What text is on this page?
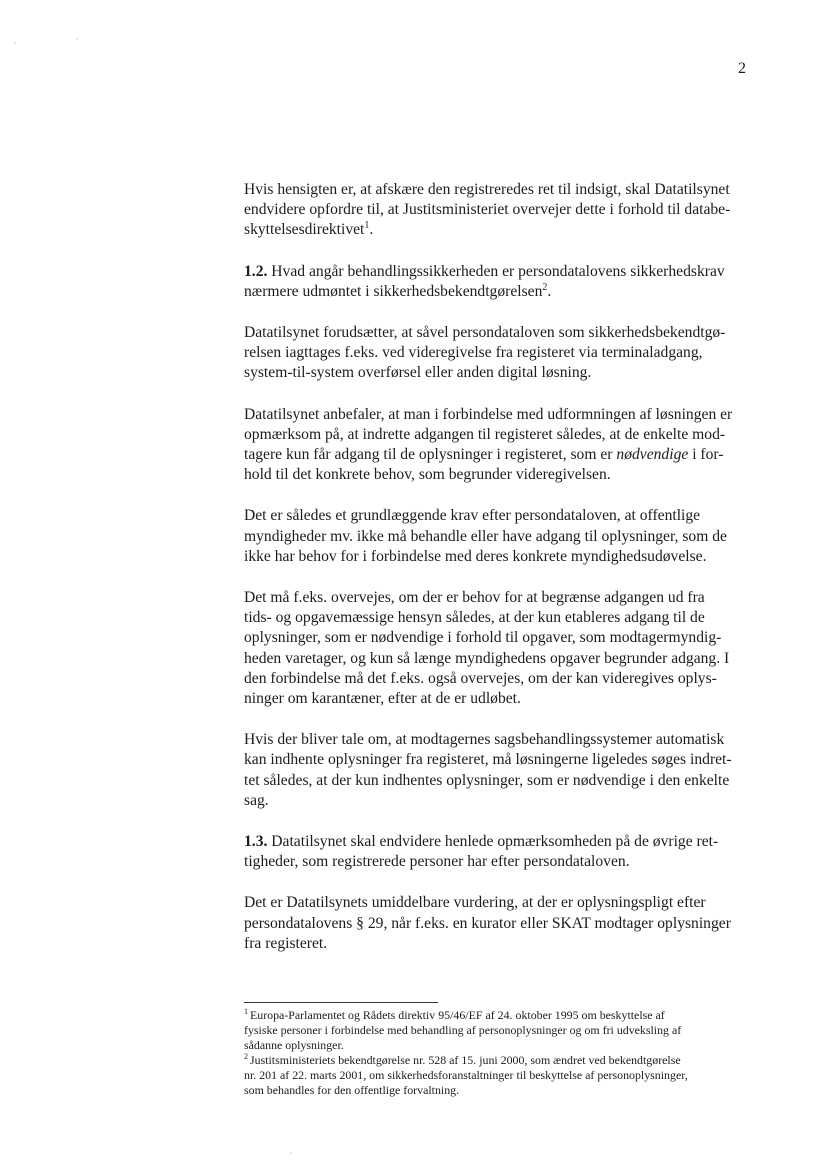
2

Hvis hensigten er, at afskære den registreredes ret til indsigt, skal Datatilsynet
endvidere opfordre til, at Justitsministeriet overvejer dette i forhold til databe-
skyttelsesdirektivet$^1$.

1.2. Hvad angår behandlingssikkerheden er persondatalovens sikkerhedskrav
nærmere udmøntet i sikkerhedsbekendtgørelsen$^2$.

Datatilsynet forudsætter, at såvel persondataloven som sikkerhedsbekendtgø-
relsen iagttages f.eks. ved videregivelse fra registeret via terminaladgang,
system-til-system overførsel eller anden digital løsning.

Datatilsynet anbefaler, at man i forbindelse med udformningen af løsningen er
opmærksom på, at indrette adgangen til registeret således, at de enkelte mod-
tagere kun får adgang til de oplysninger i registeret, som er nødvendige i for-
hold til det konkrete behov, som begrunder videregivelsen.

Det er således et grundlæggende krav efter persondataloven, at offentlige
myndigheder mv. ikke må behandle eller have adgang til oplysninger, som de
ikke har behov for i forbindelse med deres konkrete myndighedsudøvelse.

Det må f.eks. overvejes, om der er behov for at begrænse adgangen ud fra
tids- og opgavemæssige hensyn således, at der kun etableres adgang til de
oplysninger, som er nødvendige i forhold til opgaver, som modtagermyndig-
heden varetager, og kun så længe myndighedens opgaver begrunder adgang. I
den forbindelse må det f.eks. også overvejes, om der kan videregives oplys-
ninger om karantæner, efter at de er udløbet.

Hvis der bliver tale om, at modtagernes sagsbehandlingssystemer automatisk
kan indhente oplysninger fra registeret, må løsningerne ligeledes søges indret-
tet således, at der kun indhentes oplysninger, som er nødvendige i den enkelte
sag.

1.3. Datatilsynet skal endvidere henlede opmærksomheden på de øvrige ret-
tigheder, som registrerede personer har efter persondataloven.

Det er Datatilsynets umiddelbare vurdering, at der er oplysningspligt efter
persondatalovens § 29, når f.eks. en kurator eller SKAT modtager oplysninger
fra registeret.

$^1$ Europa-Parlamentet og Rådets direktiv 95/46/EF af 24. oktober 1995 om beskyttelse af
fysiske personer i forbindelse med behandling af personoplysninger og om fri udveksling af
sådanne oplysninger.
$^2$ Justitsministeriets bekendtgørelse nr. 528 af 15. juni 2000, som ændret ved bekendtgørelse
nr. 201 af 22. marts 2001, om sikkerhedsforanstaltninger til beskyttelse af personoplysninger,
som behandles for den offentlige forvaltning.
